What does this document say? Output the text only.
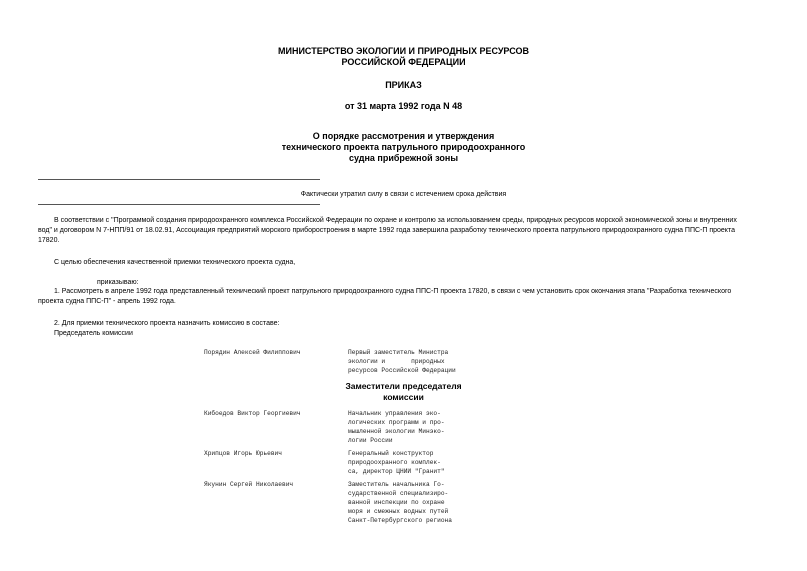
МИНИСТЕРСТВО ЭКОЛОГИИ И ПРИРОДНЫХ РЕСУРСОВ
РОССИЙСКОЙ ФЕДЕРАЦИИ
ПРИКАЗ
от 31 марта 1992 года N 48
О порядке рассмотрения и утверждения
технического проекта патрульного природоохранного
судна прибрежной зоны
Фактически утратил силу в связи с истечением срока действия
В соответствии с "Программой создания природоохранного комплекса Российской Федерации по охране и контролю за использованием среды, природных ресурсов морской экономической зоны и внутренних
вод" и договором N 7-НПП/91 от 18.02.91, Ассоциация предприятий морского приборостроения в марте 1992 года завершила разработку технического проекта патрульного природоохранного судна ППС-П проекта
17820.
С целью обеспечения качественной приемки технического проекта судна,
приказываю:
1. Рассмотреть в апреле 1992 года представленный технический проект патрульного природоохранного судна ППС-П проекта 17820, в связи с чем установить срок окончания этапа "Разработка технического
проекта судна ППС-П" - апрель 1992 года.
2. Для приемки технического проекта назначить комиссию в составе:
Председатель комиссии
Порядин Алексей Филиппович	Первый заместитель Министра
экологии и       природных
ресурсов Российской Федерации
Заместители председателя
комиссии
Кибоедов Виктор Георгиевич	Начальник управления эко-
логических программ и про-
мышленной экологии Минэко-
логии России
Хрипцов Игорь Юрьевич	Генеральный конструктор
природоохранного комплек-
са, директор ЦНИИ "Гранит"
Якунин Сергей Николаевич	Заместитель начальника Го-
сударственной специализиро-
ванной инспекции по охране
моря и смежных водных путей
Санкт-Петербургского региона
